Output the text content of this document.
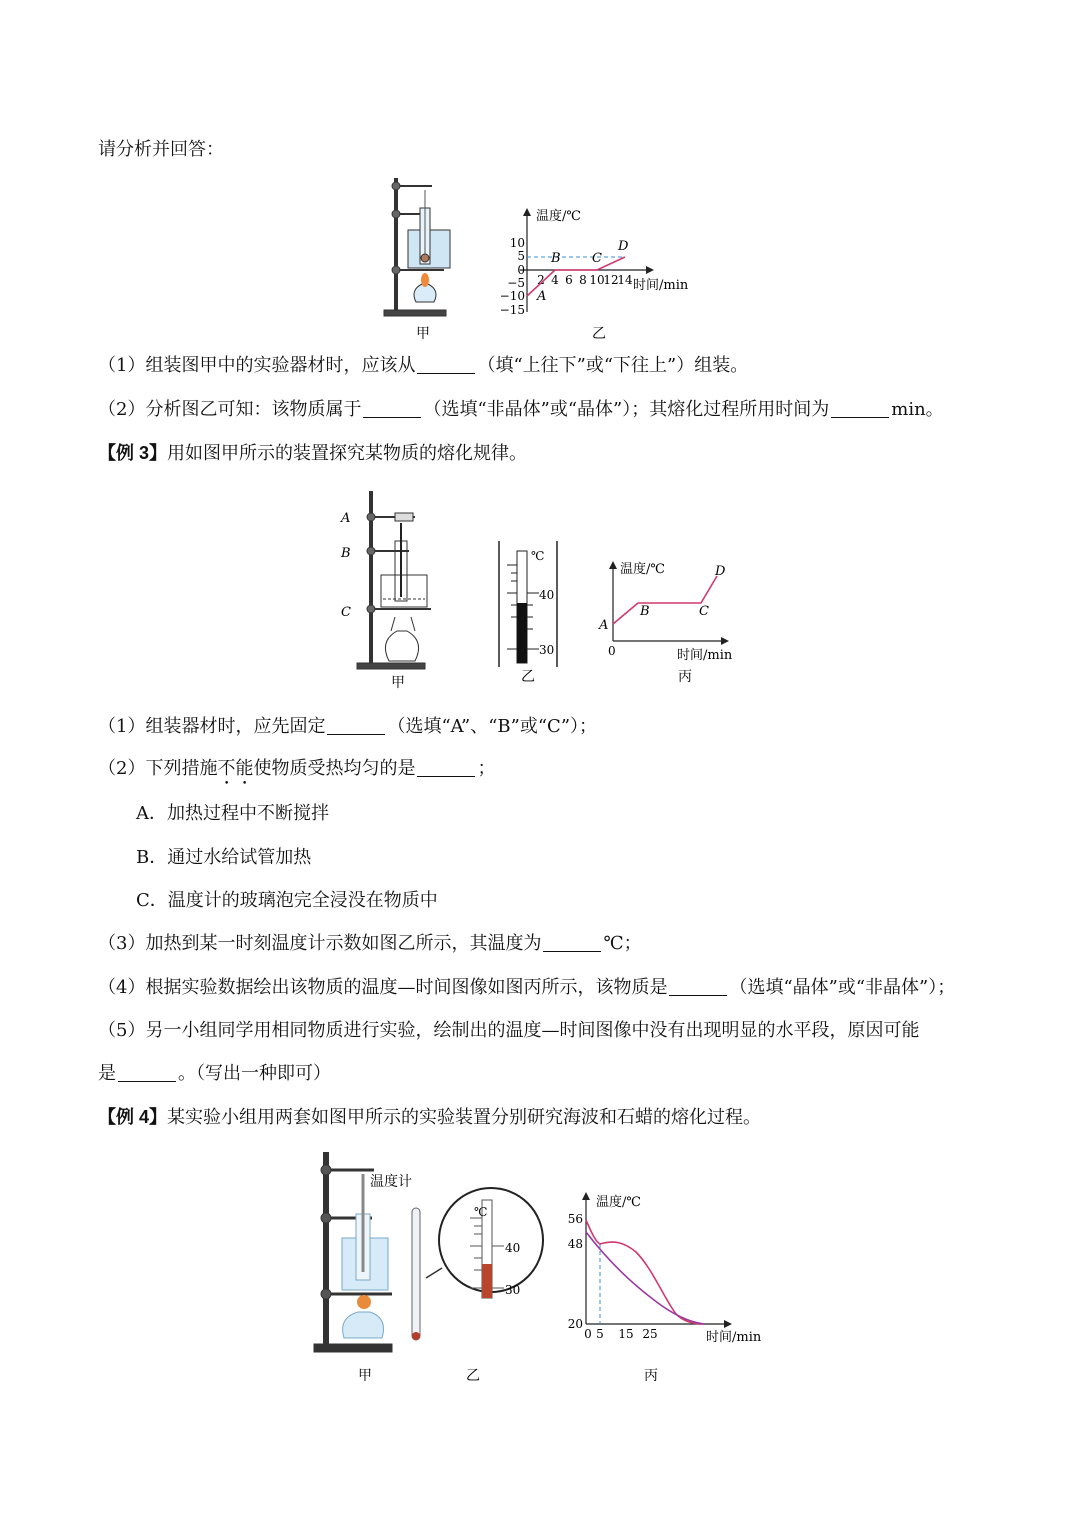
请分析并回答：
甲
温度/℃
时间/min
10
5
0
−5
−10
−15
2 4 6 8 10
12
14
A
B C
D
乙
（1）组装图甲中的实验器材时，应该从	（填“上往下”或“下往上”）组装。
（2）分析图乙可知：该物质属于	（选填“非晶体”或“晶体”）；其熔化过程所用时间为	min。
【例 3】用如图甲所示的装置探究某物质的熔化规律。
A
B
C
甲
℃
40
30
乙
温度/℃
时间/min
0
A
B	C
D
丙
（1）组装器材时，应先固定	（选填“A”、“B”或“C”）；
（2）下列措施不能使物质受热均匀的是	；
A．加热过程中不断搅拌
B．通过水给试管加热
C．温度计的玻璃泡完全浸没在物质中
（3）加热到某一时刻温度计示数如图乙所示，其温度为	℃；
（4）根据实验数据绘出该物质的温度—时间图像如图丙所示，该物质是	（选填“晶体”或“非晶体”）；
（5）另一小组同学用相同物质进行实验，绘制出的温度—时间图像中没有出现明显的水平段，原因可能
是	。（写出一种即可）
【例 4】某实验小组用两套如图甲所示的实验装置分别研究海波和石蜡的熔化过程。
温度计
甲
℃
40
30
乙
温度/℃
时间/min
56
48
20
0 5 15 25
丙
